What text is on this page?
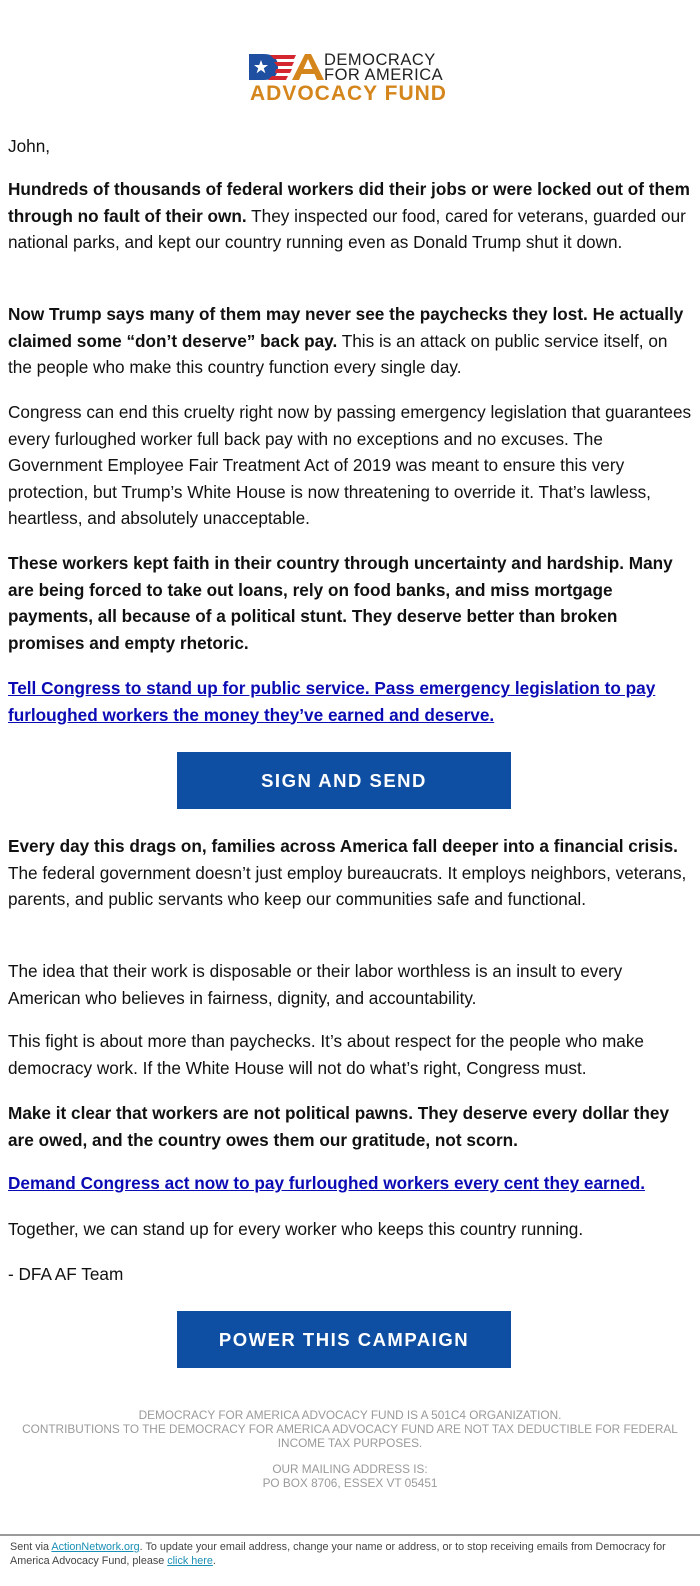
DEMOCRACY
FOR AMERICA
ADVOCACY FUND

John,

Hundreds of thousands of federal workers did their jobs or were locked out of them through no fault of their own. They inspected our food, cared for veterans, guarded our national parks, and kept our country running even as Donald Trump shut it down.

Now Trump says many of them may never see the paychecks they lost. He actually claimed some “don’t deserve” back pay. This is an attack on public service itself, on the people who make this country function every single day.

Congress can end this cruelty right now by passing emergency legislation that guarantees every furloughed worker full back pay with no exceptions and no excuses. The Government Employee Fair Treatment Act of 2019 was meant to ensure this very protection, but Trump’s White House is now threatening to override it. That’s lawless, heartless, and absolutely unacceptable.

These workers kept faith in their country through uncertainty and hardship. Many are being forced to take out loans, rely on food banks, and miss mortgage payments, all because of a political stunt. They deserve better than broken promises and empty rhetoric.

Tell Congress to stand up for public service. Pass emergency legislation to pay furloughed workers the money they’ve earned and deserve.

Every day this drags on, families across America fall deeper into a financial crisis. The federal government doesn’t just employ bureaucrats. It employs neighbors, veterans, parents, and public servants who keep our communities safe and functional.

The idea that their work is disposable or their labor worthless is an insult to every American who believes in fairness, dignity, and accountability.

This fight is about more than paychecks. It’s about respect for the people who make democracy work. If the White House will not do what’s right, Congress must.

Make it clear that workers are not political pawns. They deserve every dollar they are owed, and the country owes them our gratitude, not scorn.

Demand Congress act now to pay furloughed workers every cent they earned.

Together, we can stand up for every worker who keeps this country running.

- DFA AF Team

SIGN AND SEND
POWER THIS CAMPAIGN
DEMOCRACY FOR AMERICA ADVOCACY FUND IS A 501C4 ORGANIZATION.
CONTRIBUTIONS TO THE DEMOCRACY FOR AMERICA ADVOCACY FUND ARE NOT TAX DEDUCTIBLE FOR FEDERAL INCOME TAX PURPOSES.
OUR MAILING ADDRESS IS:
PO BOX 8706, ESSEX VT 05451
Sent via ActionNetwork.org. To update your email address, change your name or address, or to stop receiving emails from Democracy for America Advocacy Fund, please click here.
